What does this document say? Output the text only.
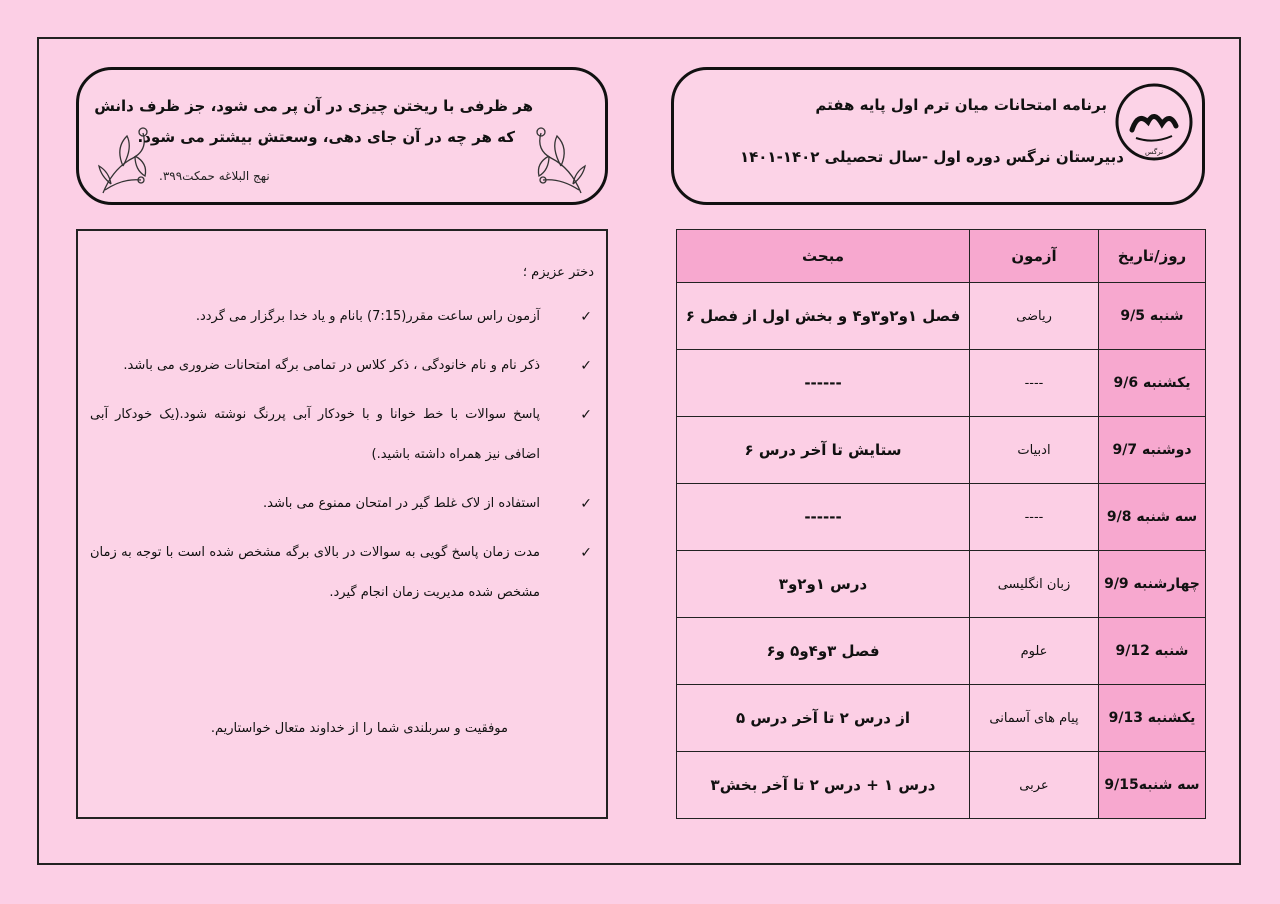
نرگس
برنامه امتحانات میان ترم اول پایه هفتم
دبیرستان نرگس دوره اول -سال تحصیلی ۱۴۰۲-۱۴۰۱
هر ظرفی با ریختن چیزی در آن پر می شود، جز ظرف دانش
که هر چه در آن جای دهی، وسعتش بیشتر می شود.
نهج البلاغه حمکت۳۹۹.
روز/تاریخ	آزمون	مبحث
شنبه 9/5	ریاضی	فصل ۱و۲و۳و۴ و بخش اول از فصل ۶
یکشنبه 9/6	----	------
دوشنبه 9/7	ادبیات	ستایش تا آخر درس ۶
سه شنبه 9/8	----	------
چهارشنبه 9/9	زبان انگلیسی	درس ۱و۲و۳
شنبه 9/12	علوم	فصل ۳و۴و۵ و۶
یکشنبه 9/13	پیام های آسمانی	از درس ۲ تا آخر درس ۵
سه شنبه9/15	عربی	درس ۱ + درس ۲ تا آخر بخش۳
دختر عزیزم ؛
✓
آزمون راس ساعت مقرر(7:15) بانام و یاد خدا برگزار می گردد.
✓
ذکر نام و نام خانودگی ، ذکر کلاس در تمامی برگه امتحانات ضروری می باشد.
✓
پاسخ سوالات با خط خوانا و با خودکار آبی پررنگ نوشته شود.(یک خودکار آبی اضافی نیز همراه داشته باشید.)
✓
استفاده از لاک غلط گیر در امتحان ممنوع می باشد.
✓
مدت زمان پاسخ گویی به سوالات در بالای برگه مشخص شده است با توجه به زمان مشخص شده مدیریت زمان انجام گیرد.
موفقیت و سربلندی شما را از خداوند متعال خواستاریم.
